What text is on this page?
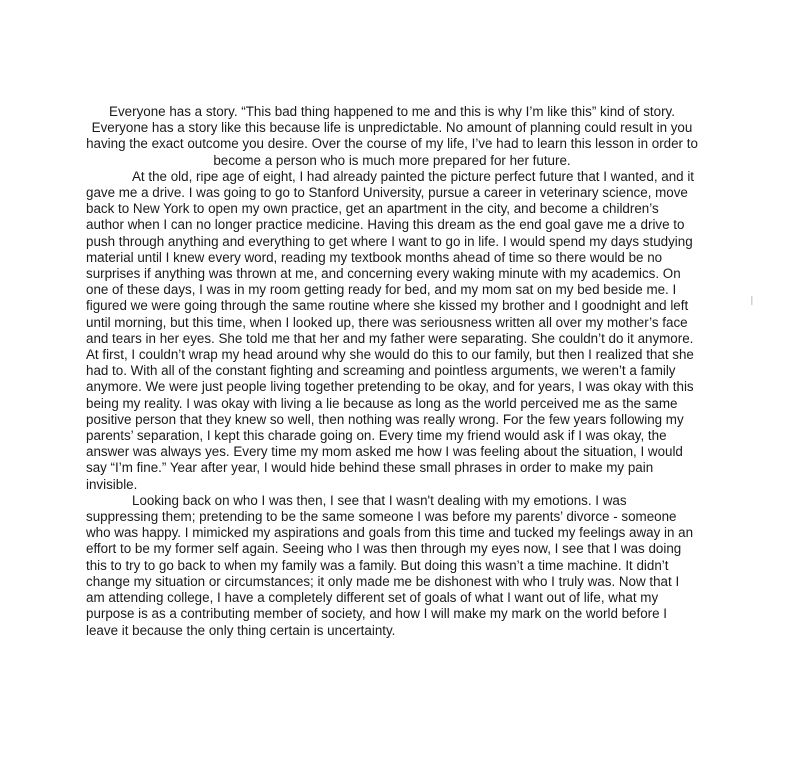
Everyone has a story. “This bad thing happened to me and this is why I’m like this” kind of story. Everyone has a story like this because life is unpredictable. No amount of planning could result in you having the exact outcome you desire. Over the course of my life, I’ve had to learn this lesson in order to become a person who is much more prepared for her future.

At the old, ripe age of eight, I had already painted the picture perfect future that I wanted, and it gave me a drive. I was going to go to Stanford University, pursue a career in veterinary science, move back to New York to open my own practice, get an apartment in the city, and become a children’s author when I can no longer practice medicine. Having this dream as the end goal gave me a drive to push through anything and everything to get where I want to go in life. I would spend my days studying material until I knew every word, reading my textbook months ahead of time so there would be no surprises if anything was thrown at me, and concerning every waking minute with my academics. On one of these days, I was in my room getting ready for bed, and my mom sat on my bed beside me. I figured we were going through the same routine where she kissed my brother and I goodnight and left until morning, but this time, when I looked up, there was seriousness written all over my mother’s face and tears in her eyes. She told me that her and my father were separating. She couldn’t do it anymore. At first, I couldn’t wrap my head around why she would do this to our family, but then I realized that she had to. With all of the constant fighting and screaming and pointless arguments, we weren’t a family anymore. We were just people living together pretending to be okay, and for years, I was okay with this being my reality. I was okay with living a lie because as long as the world perceived me as the same positive person that they knew so well, then nothing was really wrong. For the few years following my parents’ separation, I kept this charade going on. Every time my friend would ask if I was okay, the answer was always yes. Every time my mom asked me how I was feeling about the situation, I would say “I’m fine.” Year after year, I would hide behind these small phrases in order to make my pain invisible.

Looking back on who I was then, I see that I wasn't dealing with my emotions. I was suppressing them; pretending to be the same someone I was before my parents’ divorce - someone who was happy. I mimicked my aspirations and goals from this time and tucked my feelings away in an effort to be my former self again. Seeing who I was then through my eyes now, I see that I was doing this to try to go back to when my family was a family. But doing this wasn’t a time machine. It didn’t change my situation or circumstances; it only made me be dishonest with who I truly was. Now that I am attending college, I have a completely different set of goals of what I want out of life, what my purpose is as a contributing member of society, and how I will make my mark on the world before I leave it because the only thing certain is uncertainty.

I
